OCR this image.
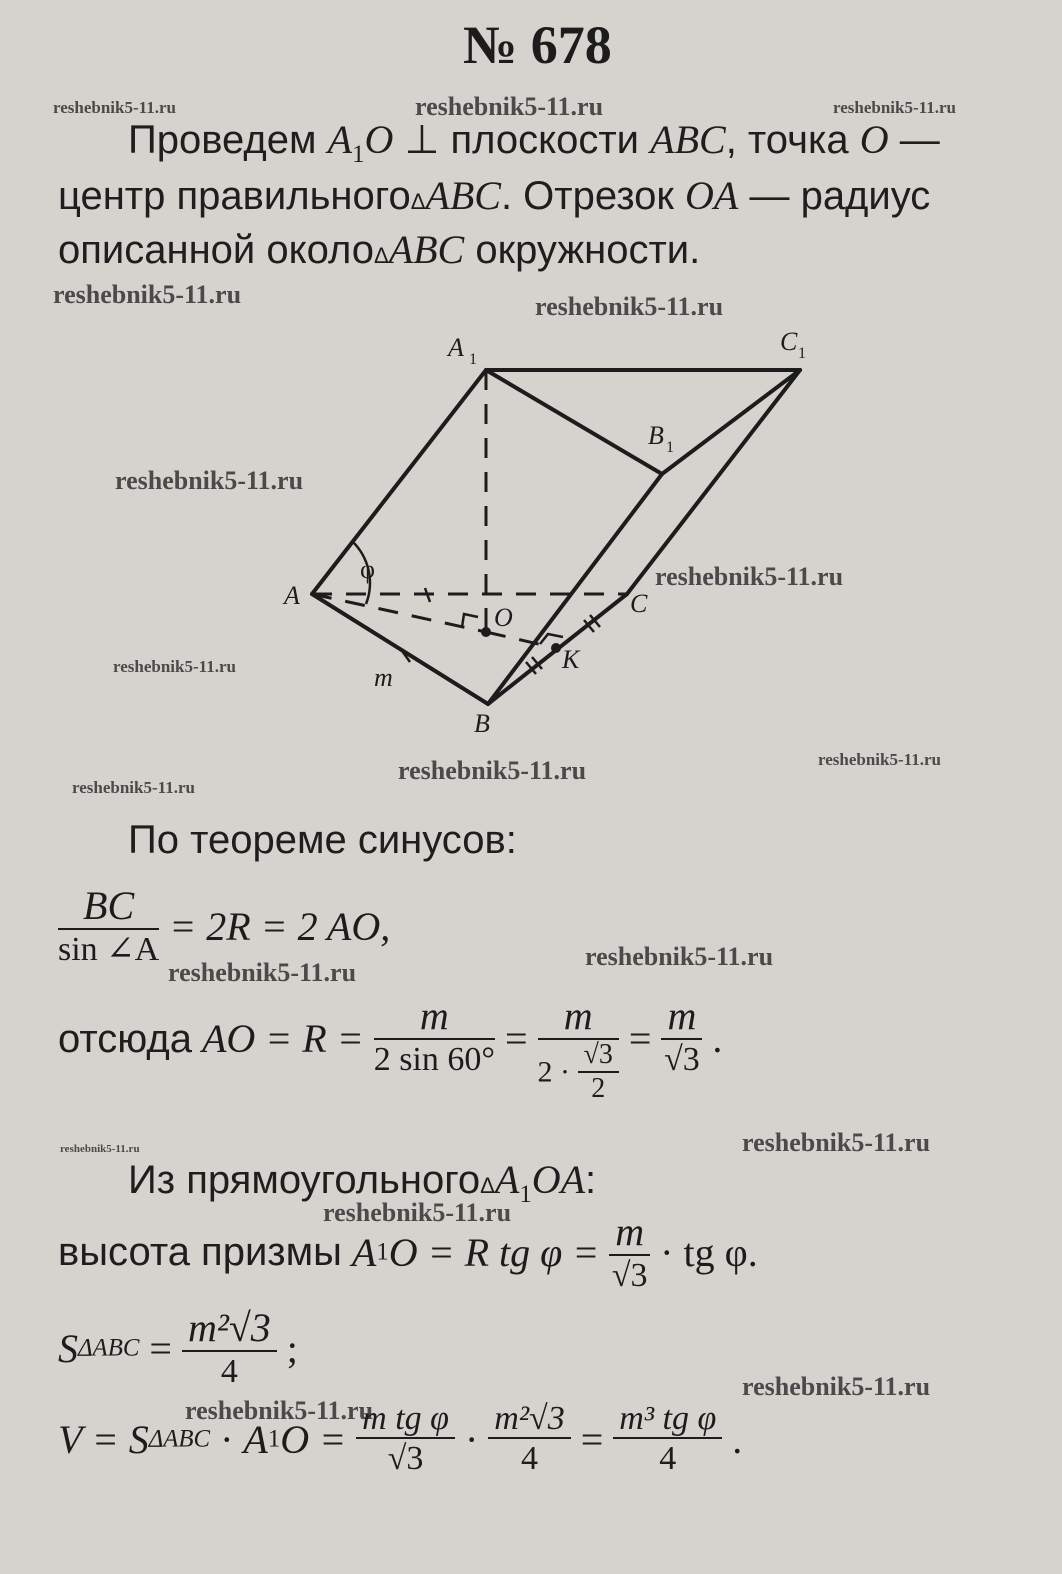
№ 678
reshebnik5-11.ru	reshebnik5-11.ru	reshebnik5-11.ru
reshebnik5-11.ru	reshebnik5-11.ru
reshebnik5-11.ru
reshebnik5-11.ru
reshebnik5-11.ru
reshebnik5-11.ru	reshebnik5-11.ru
reshebnik5-11.ru
reshebnik5-11.ru
reshebnik5-11.ru
reshebnik5-11.ru	reshebnik5-11.ru
reshebnik5-11.ru
reshebnik5-11.ru
reshebnik5-11.ru
Проведем $A_1O$ ⊥ плоскости ABC, точка O —
центр правильногоΔABC. Отрезок OA — радиус
описанной околоΔABC окружности.
A 1
C 1
B 1
A
B
C
O
K
m
φ
По теореме синусов:
$\frac{BC}{\sin \angle A} = 2R = 2$ AO,
отсюда AO = $R = \frac{m}{2 \sin 60^\circ}$ =
m
$2 \cdot \frac{√3}{2}$
= $\frac{m}{√3}$ .
Из прямоугольногоΔA$_1$OA:
высота призмы A1O = R tg $\varphi = \frac{m}{√3}$ · tg φ.
$S\Delta ABC = \frac{\text{m²√3}}{4}$ ;
$V = S\Delta ABC \cdot A1O = \frac{\text{m tg φ}}{√3} \cdot \frac{\text{m²√3}}{4} = \frac{\text{m³ tg φ}}{4}$ .
